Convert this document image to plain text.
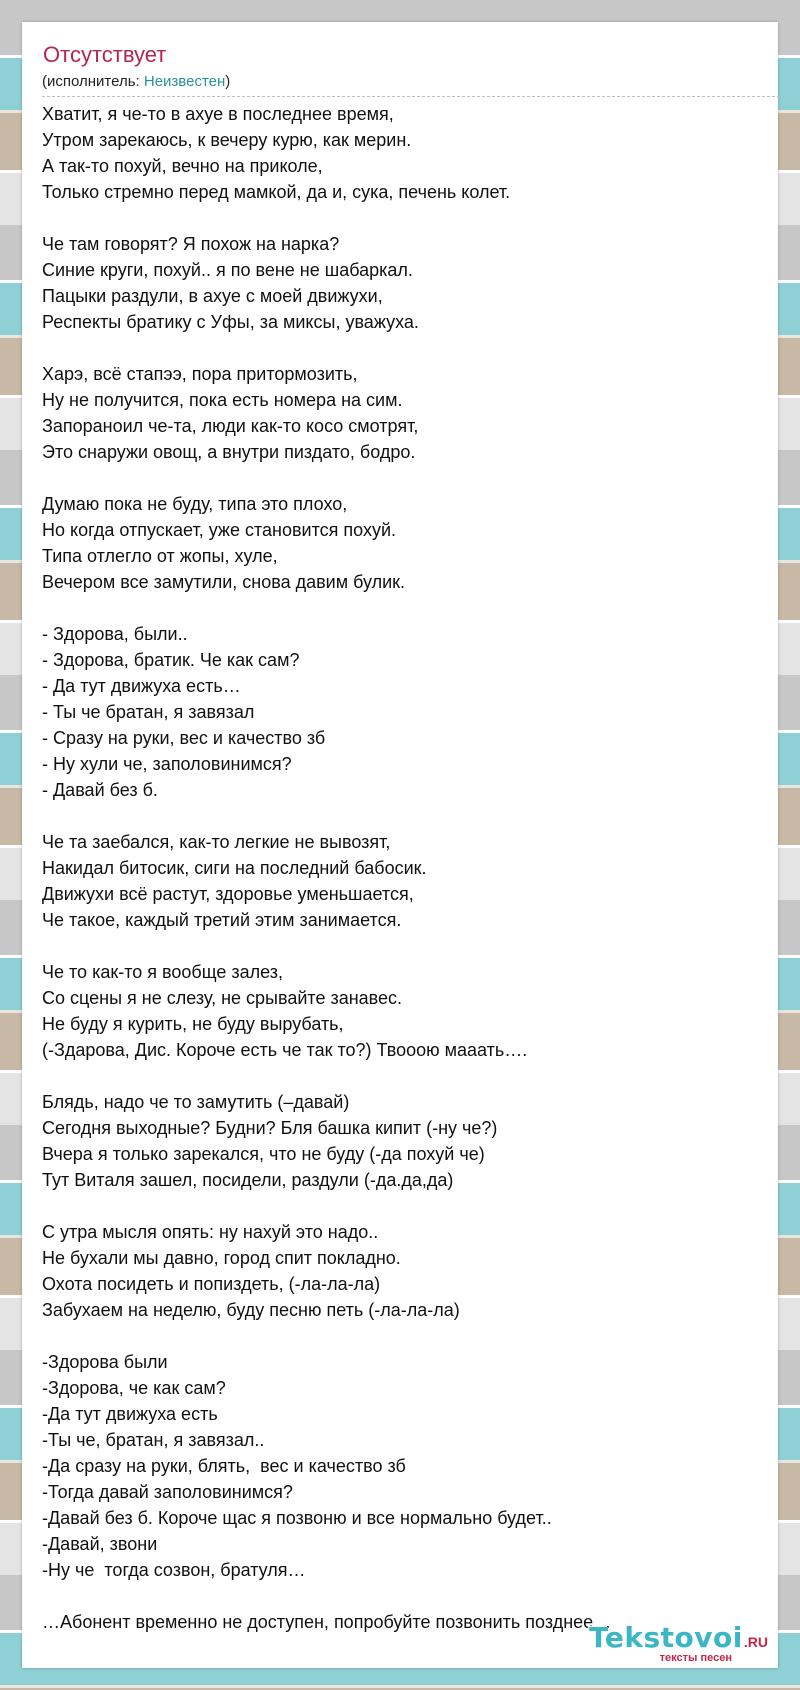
Отсутствует
(исполнитель: Неизвестен)
Хватит, я че-то в ахуе в последнее время,
Утром зарекаюсь, к вечеру курю, как мерин.
А так-то похуй, вечно на приколе,
Только стремно перед мамкой, да и, сука, печень колет.
Че там говорят? Я похож на нарка?
Синие круги, похуй.. я по вене не шабаркал.
Пацыки раздули, в ахуе с моей движухи,
Респекты братику с Уфы, за миксы, уважуха.
Харэ, всё стапээ, пора притормозить,
Ну не получится, пока есть номера на сим.
Запораноил че-та, люди как-то косо смотрят,
Это снаружи овощ, а внутри пиздато, бодро.
Думаю пока не буду, типа это плохо,
Но когда отпускает, уже становится похуй.
Типа отлегло от жопы, хуле,
Вечером все замутили, снова давим булик.
- Здорова, были..
- Здорова, братик. Че как сам?
- Да тут движуха есть…
- Ты че братан, я завязал
- Сразу на руки, вес и качество зб
- Ну хули че, заполовинимся?
- Давай без б.
Че та заебался, как-то легкие не вывозят,
Накидал битосик, сиги на последний бабосик.
Движухи всё растут, здоровье уменьшается,
Че такое, каждый третий этим занимается.
Че то как-то я вообще залез,
Со сцены я не слезу, не срывайте занавес.
Не буду я курить, не буду вырубать,
(-Здарова, Дис. Короче есть че так то?) Твооою мааать….
Блядь, надо че то замутить (–давай)
Сегодня выходные? Будни? Бля башка кипит (-ну че?)
Вчера я только зарекался, что не буду (-да похуй че)
Тут Виталя зашел, посидели, раздули (-да.да,да)
С утра мысля опять: ну нахуй это надо..
Не бухали мы давно, город спит покладно.
Охота посидеть и попиздеть, (-ла-ла-ла)
Забухаем на неделю, буду песню петь (-ла-ла-ла)
-Здорова были
-Здорова, че как сам?
-Да тут движуха есть
-Ты че, братан, я завязал..
-Да сразу на руки, блять,  вес и качество зб
-Тогда давай заполовинимся?
-Давай без б. Короче щас я позвоню и все нормально будет..
-Давай, звони
-Ну че  тогда созвон, братуля…
…Абонент временно не доступен, попробуйте позвонить позднее…
Tekstovoi.RU
тексты песен
